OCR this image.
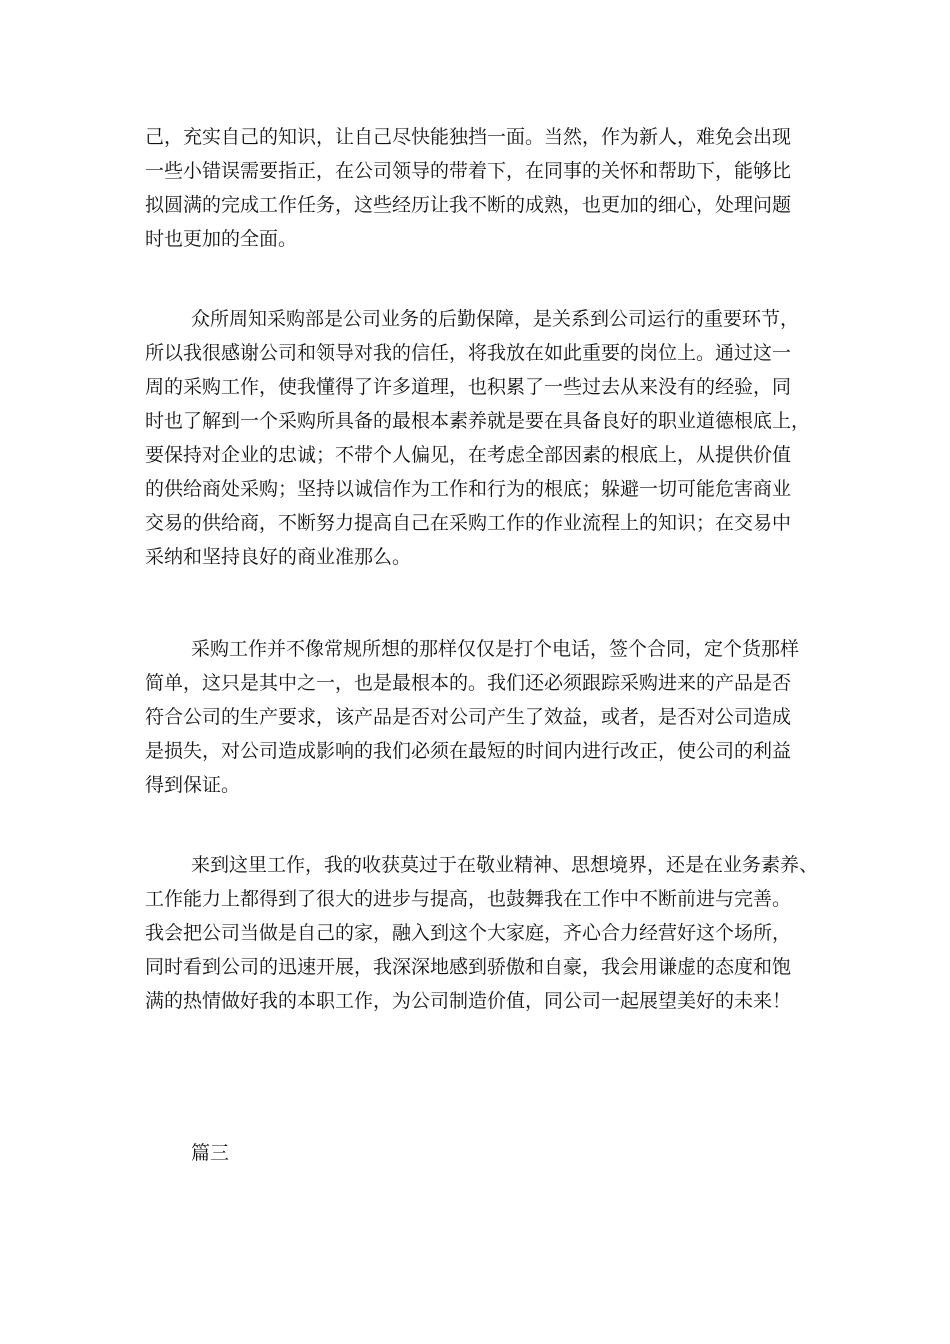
己，充实自己的知识，让自己尽快能独挡一面。当然，作为新人，难免会出现
一些小错误需要指正，在公司领导的带着下，在同事的关怀和帮助下，能够比
拟圆满的完成工作任务，这些经历让我不断的成熟，也更加的细心，处理问题
时也更加的全面。
众所周知采购部是公司业务的后勤保障，是关系到公司运行的重要环节，
所以我很感谢公司和领导对我的信任，将我放在如此重要的岗位上。通过这一
周的采购工作，使我懂得了许多道理，也积累了一些过去从来没有的经验，同
时也了解到一个采购所具备的最根本素养就是要在具备良好的职业道德根底上，
要保持对企业的忠诚；不带个人偏见，在考虑全部因素的根底上，从提供价值
的供给商处采购；坚持以诚信作为工作和行为的根底；躲避一切可能危害商业
交易的供给商，不断努力提高自己在采购工作的作业流程上的知识；在交易中
采纳和坚持良好的商业准那么。
采购工作并不像常规所想的那样仅仅是打个电话，签个合同，定个货那样
简单，这只是其中之一，也是最根本的。我们还必须跟踪采购进来的产品是否
符合公司的生产要求，该产品是否对公司产生了效益，或者，是否对公司造成
是损失，对公司造成影响的我们必须在最短的时间内进行改正，使公司的利益
得到保证。
来到这里工作，我的收获莫过于在敬业精神、思想境界，还是在业务素养、
工作能力上都得到了很大的进步与提高，也鼓舞我在工作中不断前进与完善。
我会把公司当做是自己的家，融入到这个大家庭，齐心合力经营好这个场所，
同时看到公司的迅速开展，我深深地感到骄傲和自豪，我会用谦虚的态度和饱
满的热情做好我的本职工作，为公司制造价值，同公司一起展望美好的未来！
篇三
